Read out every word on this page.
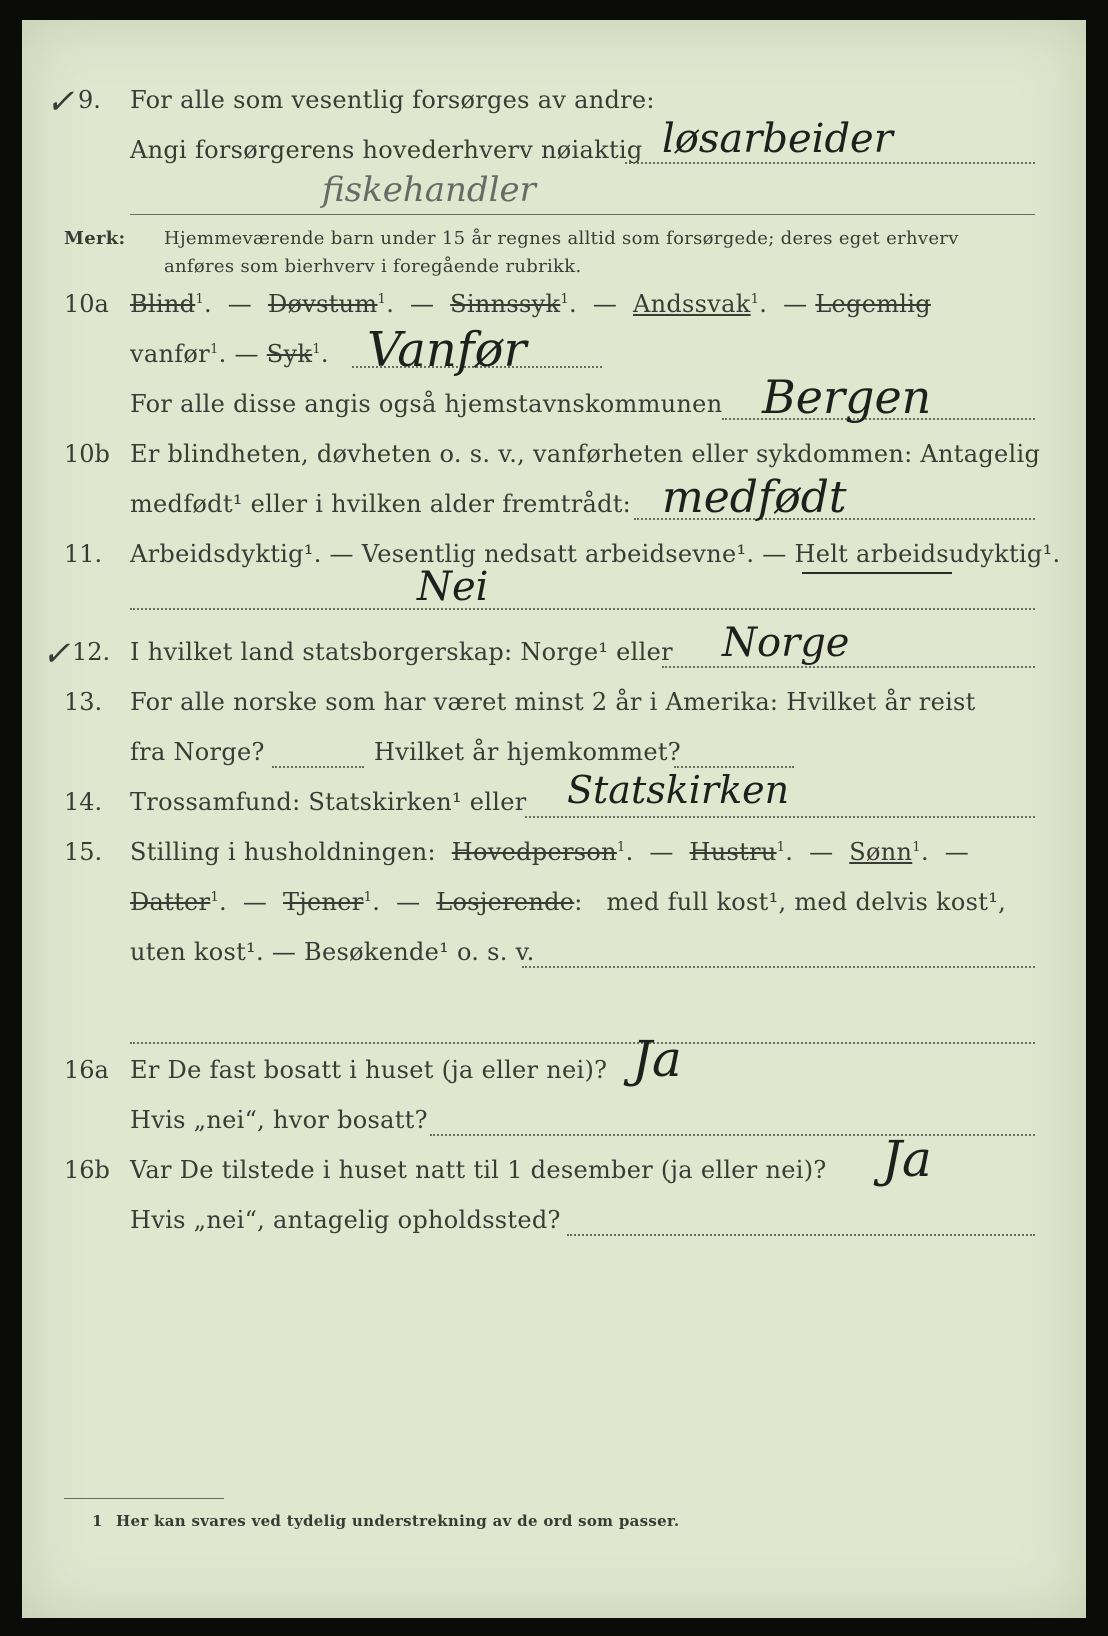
✓ 9. For alle som vesentlig forsørges av andre:
Angi forsørgerens hovederhverv nøiaktig løsarbeider
fiskehandler
Merk: Hjemmeværende barn under 15 år regnes alltid som forsørgede; deres eget erhverv
anføres som bierhverv i foregående rubrikk.
10a Blind$^1$.  —  Døvstum$^1$.  —  Sinnssyk$^1$.  —  Andssvak$^1$.  — Legemlig
vanfør$^1$. — Syk$^1$. Vanfør
For alle disse angis også hjemstavnskommunen Bergen
10b Er blindheten, døvheten o. s. v., vanførheten eller sykdommen: Antagelig
medfødt¹ eller i hvilken alder fremtrådt: medfødt
11. Arbeidsdyktig¹. — Vesentlig nedsatt arbeidsevne¹. — Helt arbeidsudyktig¹.
Nei
✓ 12. I hvilket land statsborgerskap: Norge¹ eller Norge
13. For alle norske som har været minst 2 år i Amerika: Hvilket år reist
fra Norge?	Hvilket år hjemkommet?
14. Trossamfund: Statskirken¹ eller Statskirken
15. Stilling i husholdningen: Hovedperson$^1$.  —  Hustru$^1$.  —  Sønn$^1$.  —
Datter$^1$.  —  Tjener$^1$.  —  Losjerende:   med full kost¹, med delvis kost¹,
uten kost¹. — Besøkende¹ o. s. v.
16a Er De fast bosatt i huset (ja eller nei)? Ja
Hvis „nei“, hvor bosatt?
16b Var De tilstede i huset natt til 1 desember (ja eller nei)? Ja
Hvis „nei“, antagelig opholdssted?
1 Her kan svares ved tydelig understrekning av de ord som passer.
